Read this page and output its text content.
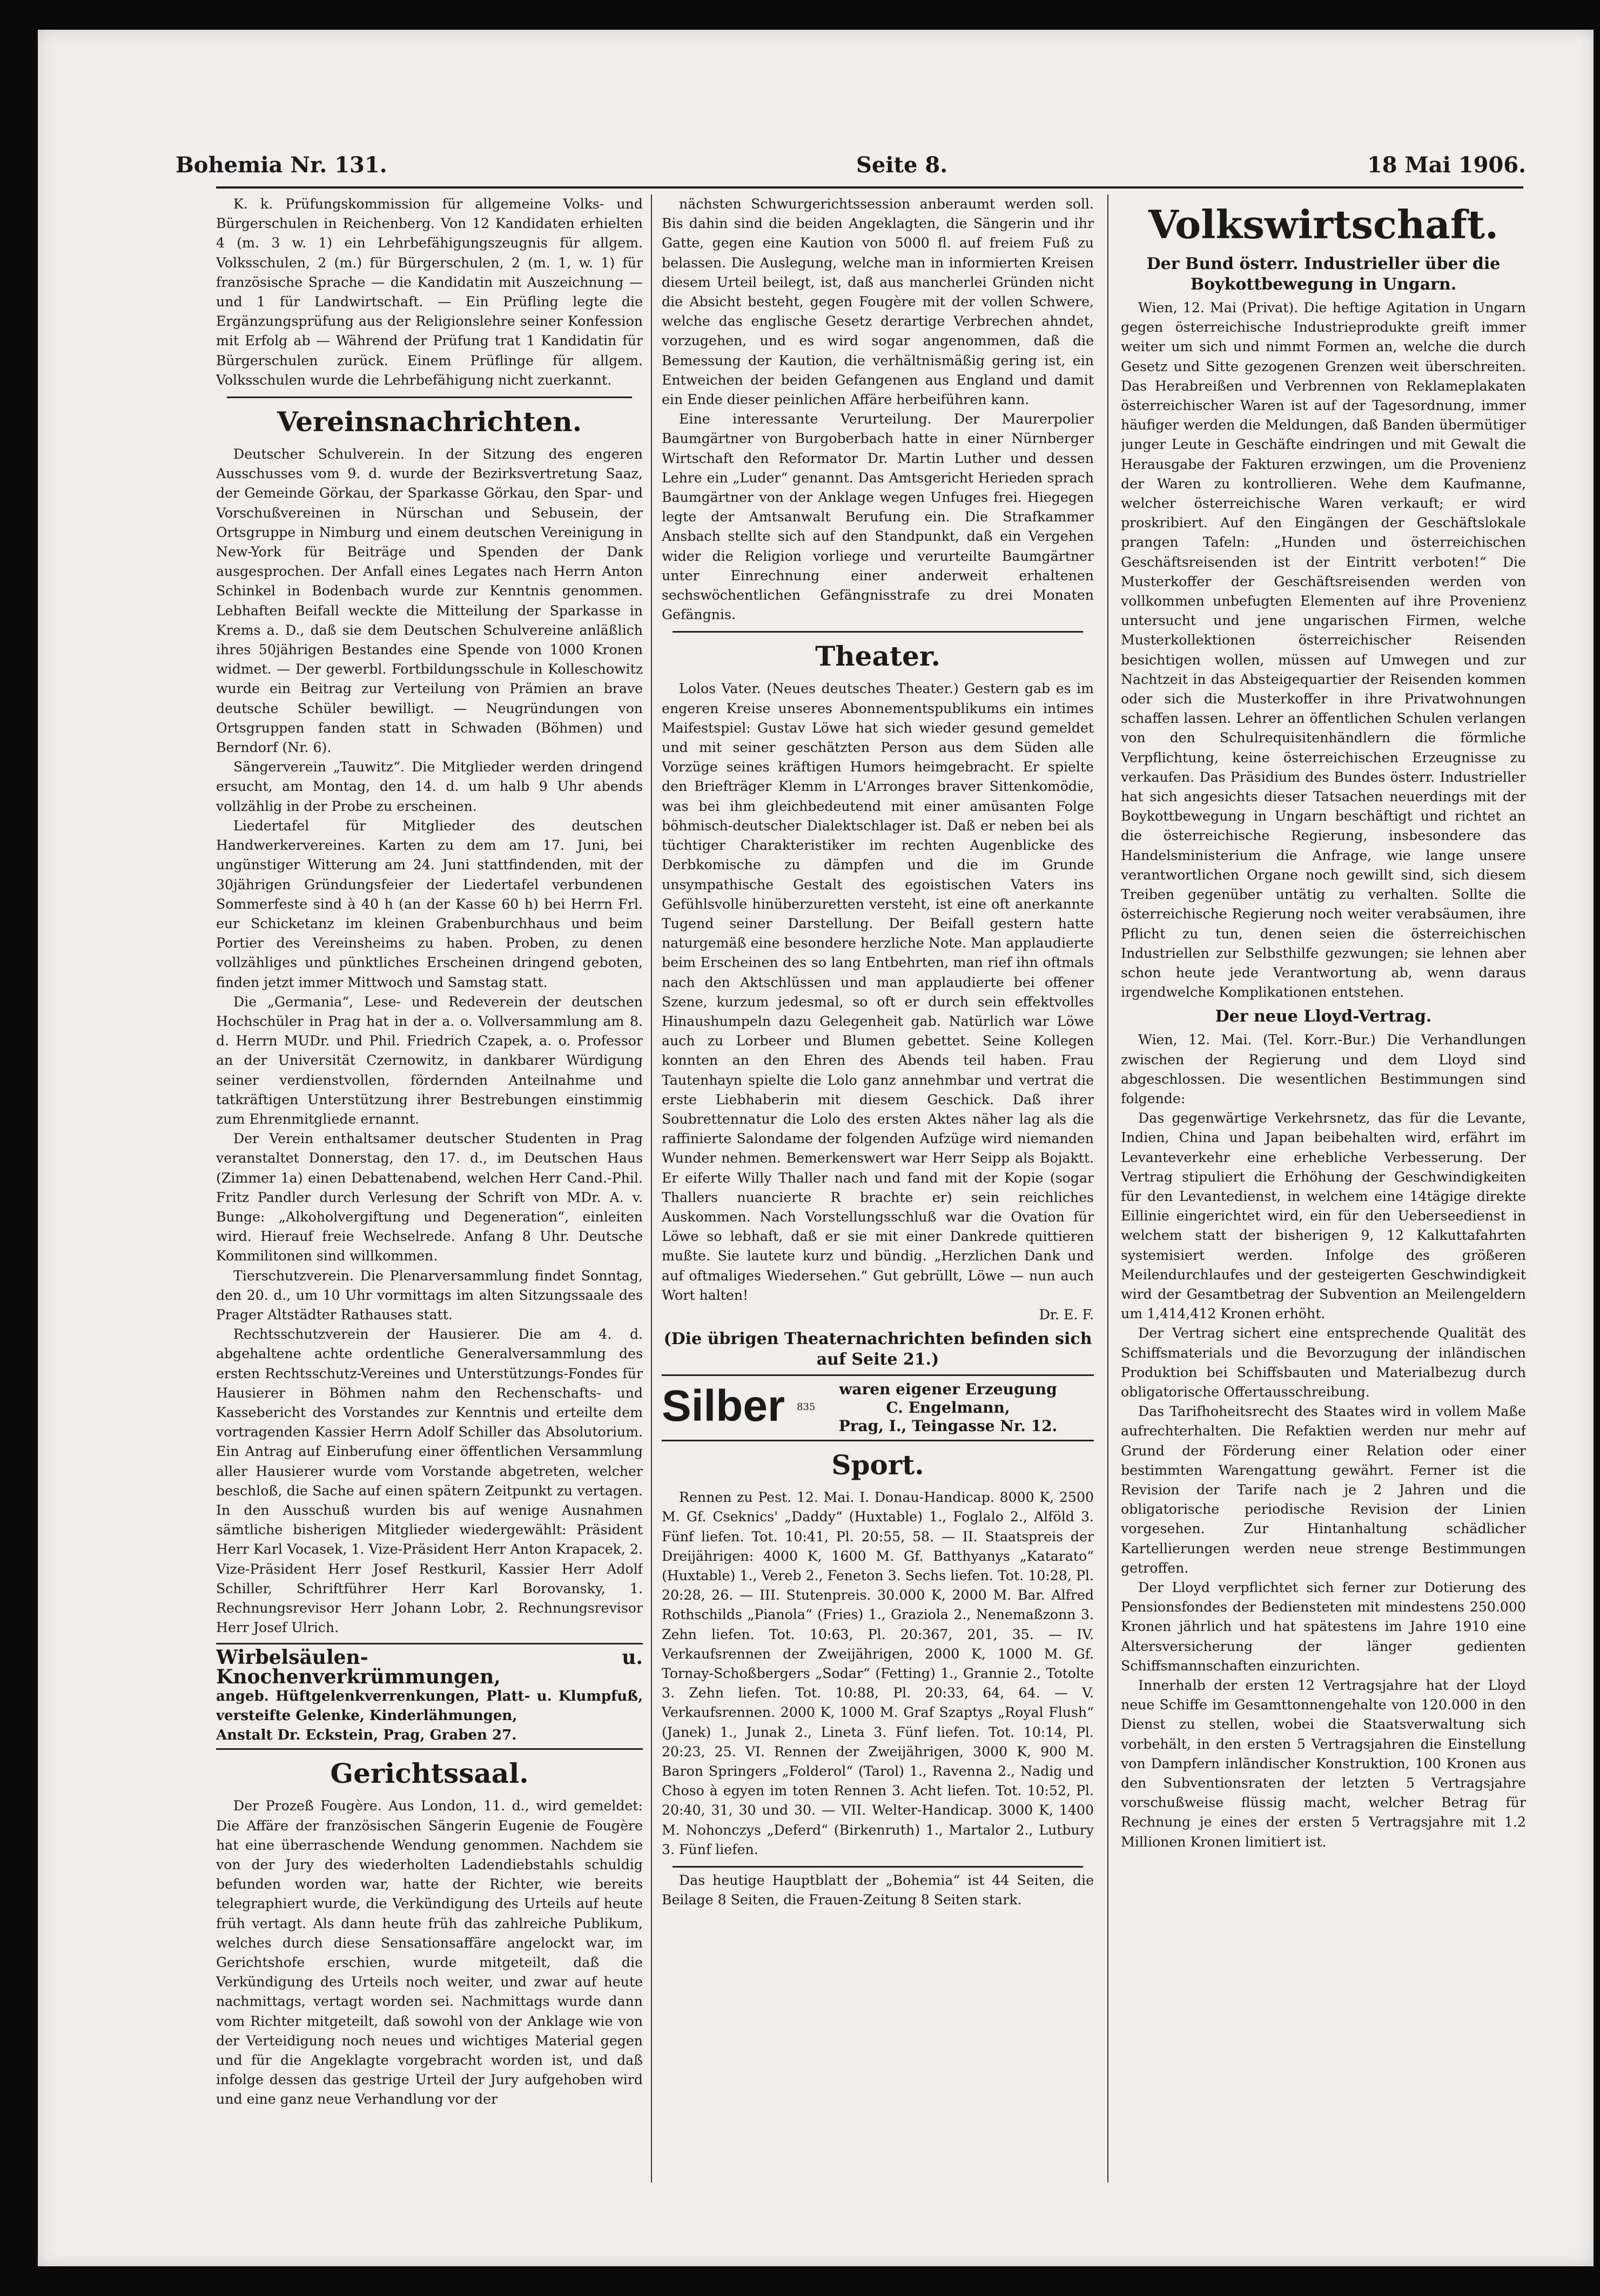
Bohemia Nr. 131.	Seite 8.	18 Mai 1906.

K. k. Prüfungskommission für allgemeine Volks- und Bürgerschulen in Reichenberg. Von 12 Kandidaten erhielten 4 (m. 3 w. 1) ein Lehrbefähigungszeugnis für allgem. Volksschulen, 2 (m.) für Bürgerschulen, 2 (m. 1, w. 1) für französische Sprache — die Kandidatin mit Auszeichnung — und 1 für Landwirtschaft. — Ein Prüfling legte die Ergänzungsprüfung aus der Religionslehre seiner Konfession mit Erfolg ab — Während der Prüfung trat 1 Kandidatin für Bürgerschulen zurück. Einem Prüflinge für allgem. Volksschulen wurde die Lehrbefähigung nicht zuerkannt.

Vereinsnachrichten.

Deutscher Schulverein. In der Sitzung des engeren Ausschusses vom 9. d. wurde der Bezirksvertretung Saaz, der Gemeinde Görkau, der Sparkasse Görkau, den Spar- und Vorschußvereinen in Nürschan und Sebusein, der Ortsgruppe in Nimburg und einem deutschen Vereinigung in New-York für Beiträge und Spenden der Dank ausgesprochen. Der Anfall eines Legates nach Herrn Anton Schinkel in Bodenbach wurde zur Kenntnis genommen. Lebhaften Beifall weckte die Mitteilung der Sparkasse in Krems a. D., daß sie dem Deutschen Schulvereine anläßlich ihres 50jährigen Bestandes eine Spende von 1000 Kronen widmet. — Der gewerbl. Fortbildungsschule in Kolleschowitz wurde ein Beitrag zur Verteilung von Prämien an brave deutsche Schüler bewilligt. — Neugründungen von Ortsgruppen fanden statt in Schwaden (Böhmen) und Berndorf (Nr. 6).

Sängerverein „Tauwitz“. Die Mitglieder werden dringend ersucht, am Montag, den 14. d. um halb 9 Uhr abends vollzählig in der Probe zu erscheinen.

Liedertafel für Mitglieder des deutschen Handwerkervereines. Karten zu dem am 17. Juni, bei ungünstiger Witterung am 24. Juni stattfindenden, mit der 30jährigen Gründungsfeier der Liedertafel verbundenen Sommerfeste sind à 40 h (an der Kasse 60 h) bei Herrn Frl. eur Schicketanz im kleinen Grabenburchhaus und beim Portier des Vereinsheims zu haben. Proben, zu denen vollzähliges und pünktliches Erscheinen dringend geboten, finden jetzt immer Mittwoch und Samstag statt.

Die „Germania“, Lese- und Redeverein der deutschen Hochschüler in Prag hat in der a. o. Vollversammlung am 8. d. Herrn MUDr. und Phil. Friedrich Czapek, a. o. Professor an der Universität Czernowitz, in dankbarer Würdigung seiner verdienstvollen, fördernden Anteilnahme und tatkräftigen Unterstützung ihrer Bestrebungen einstimmig zum Ehrenmitgliede ernannt.

Der Verein enthaltsamer deutscher Studenten in Prag veranstaltet Donnerstag, den 17. d., im Deutschen Haus (Zimmer 1a) einen Debattenabend, welchen Herr Cand.-Phil. Fritz Pandler durch Verlesung der Schrift von MDr. A. v. Bunge: „Alkoholvergiftung und Degeneration“, einleiten wird. Hierauf freie Wechselrede. Anfang 8 Uhr. Deutsche Kommilitonen sind willkommen.

Tierschutzverein. Die Plenarversammlung findet Sonntag, den 20. d., um 10 Uhr vormittags im alten Sitzungssaale des Prager Altstädter Rathauses statt.

Rechtsschutzverein der Hausierer. Die am 4. d. abgehaltene achte ordentliche Generalversammlung des ersten Rechtsschutz-Vereines und Unterstützungs-Fondes für Hausierer in Böhmen nahm den Rechenschafts- und Kassebericht des Vorstandes zur Kenntnis und erteilte dem vortragenden Kassier Herrn Adolf Schiller das Absolutorium. Ein Antrag auf Einberufung einer öffentlichen Versammlung aller Hausierer wurde vom Vorstande abgetreten, welcher beschloß, die Sache auf einen spätern Zeitpunkt zu vertagen. In den Ausschuß wurden bis auf wenige Ausnahmen sämtliche bisherigen Mitglieder wiedergewählt: Präsident Herr Karl Vocasek, 1. Vize-Präsident Herr Anton Krapacek, 2. Vize-Präsident Herr Josef Restkuril, Kassier Herr Adolf Schiller, Schriftführer Herr Karl Borovansky, 1. Rechnungsrevisor Herr Johann Lobr, 2. Rechnungsrevisor Herr Josef Ulrich.

Wirbelsäulen- u. Knochenverkrümmungen,
angeb. Hüftgelenkverrenkungen, Platt- u. Klumpfuß, versteifte Gelenke, Kinderlähmungen,
Anstalt Dr. Eckstein, Prag, Graben 27.
Gerichtssaal.

Der Prozeß Fougère. Aus London, 11. d., wird gemeldet: Die Affäre der französischen Sängerin Eugenie de Fougère hat eine überraschende Wendung genommen. Nachdem sie von der Jury des wiederholten Ladendiebstahls schuldig befunden worden war, hatte der Richter, wie bereits telegraphiert wurde, die Verkündigung des Urteils auf heute früh vertagt. Als dann heute früh das zahlreiche Publikum, welches durch diese Sensationsaffäre angelockt war, im Gerichtshofe erschien, wurde mitgeteilt, daß die Verkündigung des Urteils noch weiter, und zwar auf heute nachmittags, vertagt worden sei. Nachmittags wurde dann vom Richter mitgeteilt, daß sowohl von der Anklage wie von der Verteidigung noch neues und wichtiges Material gegen und für die Angeklagte vorgebracht worden ist, und daß infolge dessen das gestrige Urteil der Jury aufgehoben wird und eine ganz neue Verhandlung vor der

nächsten Schwurgerichtssession anberaumt werden soll. Bis dahin sind die beiden Angeklagten, die Sängerin und ihr Gatte, gegen eine Kaution von 5000 fl. auf freiem Fuß zu belassen. Die Auslegung, welche man in informierten Kreisen diesem Urteil beilegt, ist, daß aus mancherlei Gründen nicht die Absicht besteht, gegen Fougère mit der vollen Schwere, welche das englische Gesetz derartige Verbrechen ahndet, vorzugehen, und es wird sogar angenommen, daß die Bemessung der Kaution, die verhältnismäßig gering ist, ein Entweichen der beiden Gefangenen aus England und damit ein Ende dieser peinlichen Affäre herbeiführen kann.

Eine interessante Verurteilung. Der Maurerpolier Baumgärtner von Burgoberbach hatte in einer Nürnberger Wirtschaft den Reformator Dr. Martin Luther und dessen Lehre ein „Luder“ genannt. Das Amtsgericht Herieden sprach Baumgärtner von der Anklage wegen Unfuges frei. Hiegegen legte der Amtsanwalt Berufung ein. Die Strafkammer Ansbach stellte sich auf den Standpunkt, daß ein Vergehen wider die Religion vorliege und verurteilte Baumgärtner unter Einrechnung einer anderweit erhaltenen sechswöchentlichen Gefängnisstrafe zu drei Monaten Gefängnis.

Theater.

Lolos Vater. (Neues deutsches Theater.) Gestern gab es im engeren Kreise unseres Abonnementspublikums ein intimes Maifestspiel: Gustav Löwe hat sich wieder gesund gemeldet und mit seiner geschätzten Person aus dem Süden alle Vorzüge seines kräftigen Humors heimgebracht. Er spielte den Briefträger Klemm in L'Arronges braver Sittenkomödie, was bei ihm gleichbedeutend mit einer amüsanten Folge böhmisch-deutscher Dialektschlager ist. Daß er neben bei als tüchtiger Charakteristiker im rechten Augenblicke des Derbkomische zu dämpfen und die im Grunde unsympathische Gestalt des egoistischen Vaters ins Gefühlsvolle hinüberzuretten versteht, ist eine oft anerkannte Tugend seiner Darstellung. Der Beifall gestern hatte naturgemäß eine besondere herzliche Note. Man applaudierte beim Erscheinen des so lang Entbehrten, man rief ihn oftmals nach den Aktschlüssen und man applaudierte bei offener Szene, kurzum jedesmal, so oft er durch sein effektvolles Hinaushumpeln dazu Gelegenheit gab. Natürlich war Löwe auch zu Lorbeer und Blumen gebettet. Seine Kollegen konnten an den Ehren des Abends teil haben. Frau Tautenhayn spielte die Lolo ganz annehmbar und vertrat die erste Liebhaberin mit diesem Geschick. Daß ihrer Soubrettennatur die Lolo des ersten Aktes näher lag als die raffinierte Salondame der folgenden Aufzüge wird niemanden Wunder nehmen. Bemerkenswert war Herr Seipp als Bojaktt. Er eiferte Willy Thaller nach und fand mit der Kopie (sogar Thallers nuancierte R brachte er) sein reichliches Auskommen. Nach Vorstellungsschluß war die Ovation für Löwe so lebhaft, daß er sie mit einer Dankrede quittieren mußte. Sie lautete kurz und bündig. „Herzlichen Dank und auf oftmaliges Wiedersehen.“ Gut gebrüllt, Löwe — nun auch Wort halten!

Dr. E. F.

(Die übrigen Theaternachrichten befinden sich auf Seite 21.)
Silber 835
waren eigener Erzeugung
C. Engelmann,
Prag, I., Teingasse Nr. 12.
Sport.

Rennen zu Pest. 12. Mai. I. Donau-Handicap. 8000 K, 2500 M. Gf. Cseknics' „Daddy“ (Huxtable) 1., Foglalo 2., Alföld 3. Fünf liefen. Tot. 10:41, Pl. 20:55, 58. — II. Staatspreis der Dreijährigen: 4000 K, 1600 M. Gf. Batthyanys „Katarato“ (Huxtable) 1., Vereb 2., Feneton 3. Sechs liefen. Tot. 10:28, Pl. 20:28, 26. — III. Stutenpreis. 30.000 K, 2000 M. Bar. Alfred Rothschilds „Pianola“ (Fries) 1., Graziola 2., Nenemaßzonn 3. Zehn liefen. Tot. 10:63, Pl. 20:367, 201, 35. — IV. Verkaufsrennen der Zweijährigen, 2000 K, 1000 M. Gf. Tornay-Schoßbergers „Sodar“ (Fetting) 1., Grannie 2., Totolte 3. Zehn liefen. Tot. 10:88, Pl. 20:33, 64, 64. — V. Verkaufsrennen. 2000 K, 1000 M. Graf Szaptys „Royal Flush“ (Janek) 1., Junak 2., Lineta 3. Fünf liefen. Tot. 10:14, Pl. 20:23, 25. VI. Rennen der Zweijährigen, 3000 K, 900 M. Baron Springers „Folderol“ (Tarol) 1., Ravenna 2., Nadig und Choso à egyen im toten Rennen 3. Acht liefen. Tot. 10:52, Pl. 20:40, 31, 30 und 30. — VII. Welter-Handicap. 3000 K, 1400 M. Nohonczys „Deferd“ (Birkenruth) 1., Martalor 2., Lutbury 3. Fünf liefen.

Das heutige Hauptblatt der „Bohemia“ ist 44 Seiten, die Beilage 8 Seiten, die Frauen-Zeitung 8 Seiten stark.

Volkswirtschaft.
Der Bund österr. Industrieller über die Boykottbewegung in Ungarn.

Wien, 12. Mai (Privat). Die heftige Agitation in Ungarn gegen österreichische Industrieprodukte greift immer weiter um sich und nimmt Formen an, welche die durch Gesetz und Sitte gezogenen Grenzen weit überschreiten. Das Herabreißen und Verbrennen von Reklameplakaten österreichischer Waren ist auf der Tagesordnung, immer häufiger werden die Meldungen, daß Banden übermütiger junger Leute in Geschäfte eindringen und mit Gewalt die Herausgabe der Fakturen erzwingen, um die Provenienz der Waren zu kontrollieren. Wehe dem Kaufmanne, welcher österreichische Waren verkauft; er wird proskribiert. Auf den Eingängen der Geschäftslokale prangen Tafeln: „Hunden und österreichischen Geschäftsreisenden ist der Eintritt verboten!“ Die Musterkoffer der Geschäftsreisenden werden von vollkommen unbefugten Elementen auf ihre Provenienz untersucht und jene ungarischen Firmen, welche Musterkollektionen österreichischer Reisenden besichtigen wollen, müssen auf Umwegen und zur Nachtzeit in das Absteigequartier der Reisenden kommen oder sich die Musterkoffer in ihre Privatwohnungen schaffen lassen. Lehrer an öffentlichen Schulen verlangen von den Schulrequisitenhändlern die förmliche Verpflichtung, keine österreichischen Erzeugnisse zu verkaufen. Das Präsidium des Bundes österr. Industrieller hat sich angesichts dieser Tatsachen neuerdings mit der Boykottbewegung in Ungarn beschäftigt und richtet an die österreichische Regierung, insbesondere das Handelsministerium die Anfrage, wie lange unsere verantwortlichen Organe noch gewillt sind, sich diesem Treiben gegenüber untätig zu verhalten. Sollte die österreichische Regierung noch weiter verabsäumen, ihre Pflicht zu tun, denen seien die österreichischen Industriellen zur Selbsthilfe gezwungen; sie lehnen aber schon heute jede Verantwortung ab, wenn daraus irgendwelche Komplikationen entstehen.

Der neue Lloyd-Vertrag.

Wien, 12. Mai. (Tel. Korr.-Bur.) Die Verhandlungen zwischen der Regierung und dem Lloyd sind abgeschlossen. Die wesentlichen Bestimmungen sind folgende:

Das gegenwärtige Verkehrsnetz, das für die Levante, Indien, China und Japan beibehalten wird, erfährt im Levanteverkehr eine erhebliche Verbesserung. Der Vertrag stipuliert die Erhöhung der Geschwindigkeiten für den Levantedienst, in welchem eine 14tägige direkte Eillinie eingerichtet wird, ein für den Ueberseedienst in welchem statt der bisherigen 9, 12 Kalkuttafahrten systemisiert werden. Infolge des größeren Meilendurchlaufes und der gesteigerten Geschwindigkeit wird der Gesamtbetrag der Subvention an Meilengeldern um 1,414,412 Kronen erhöht.

Der Vertrag sichert eine entsprechende Qualität des Schiffsmaterials und die Bevorzugung der inländischen Produktion bei Schiffsbauten und Materialbezug durch obligatorische Offertausschreibung.

Das Tarifhoheitsrecht des Staates wird in vollem Maße aufrechterhalten. Die Refaktien werden nur mehr auf Grund der Förderung einer Relation oder einer bestimmten Warengattung gewährt. Ferner ist die Revision der Tarife nach je 2 Jahren und die obligatorische periodische Revision der Linien vorgesehen. Zur Hintanhaltung schädlicher Kartellierungen werden neue strenge Bestimmungen getroffen.

Der Lloyd verpflichtet sich ferner zur Dotierung des Pensionsfondes der Bediensteten mit mindestens 250.000 Kronen jährlich und hat spätestens im Jahre 1910 eine Altersversicherung der länger gedienten Schiffsmannschaften einzurichten.

Innerhalb der ersten 12 Vertragsjahre hat der Lloyd neue Schiffe im Gesamttonnengehalte von 120.000 in den Dienst zu stellen, wobei die Staatsverwaltung sich vorbehält, in den ersten 5 Vertragsjahren die Einstellung von Dampfern inländischer Konstruktion, 100 Kronen aus den Subventionsraten der letzten 5 Vertragsjahre vorschußweise flüssig macht, welcher Betrag für Rechnung je eines der ersten 5 Vertragsjahre mit 1.2 Millionen Kronen limitiert ist.
